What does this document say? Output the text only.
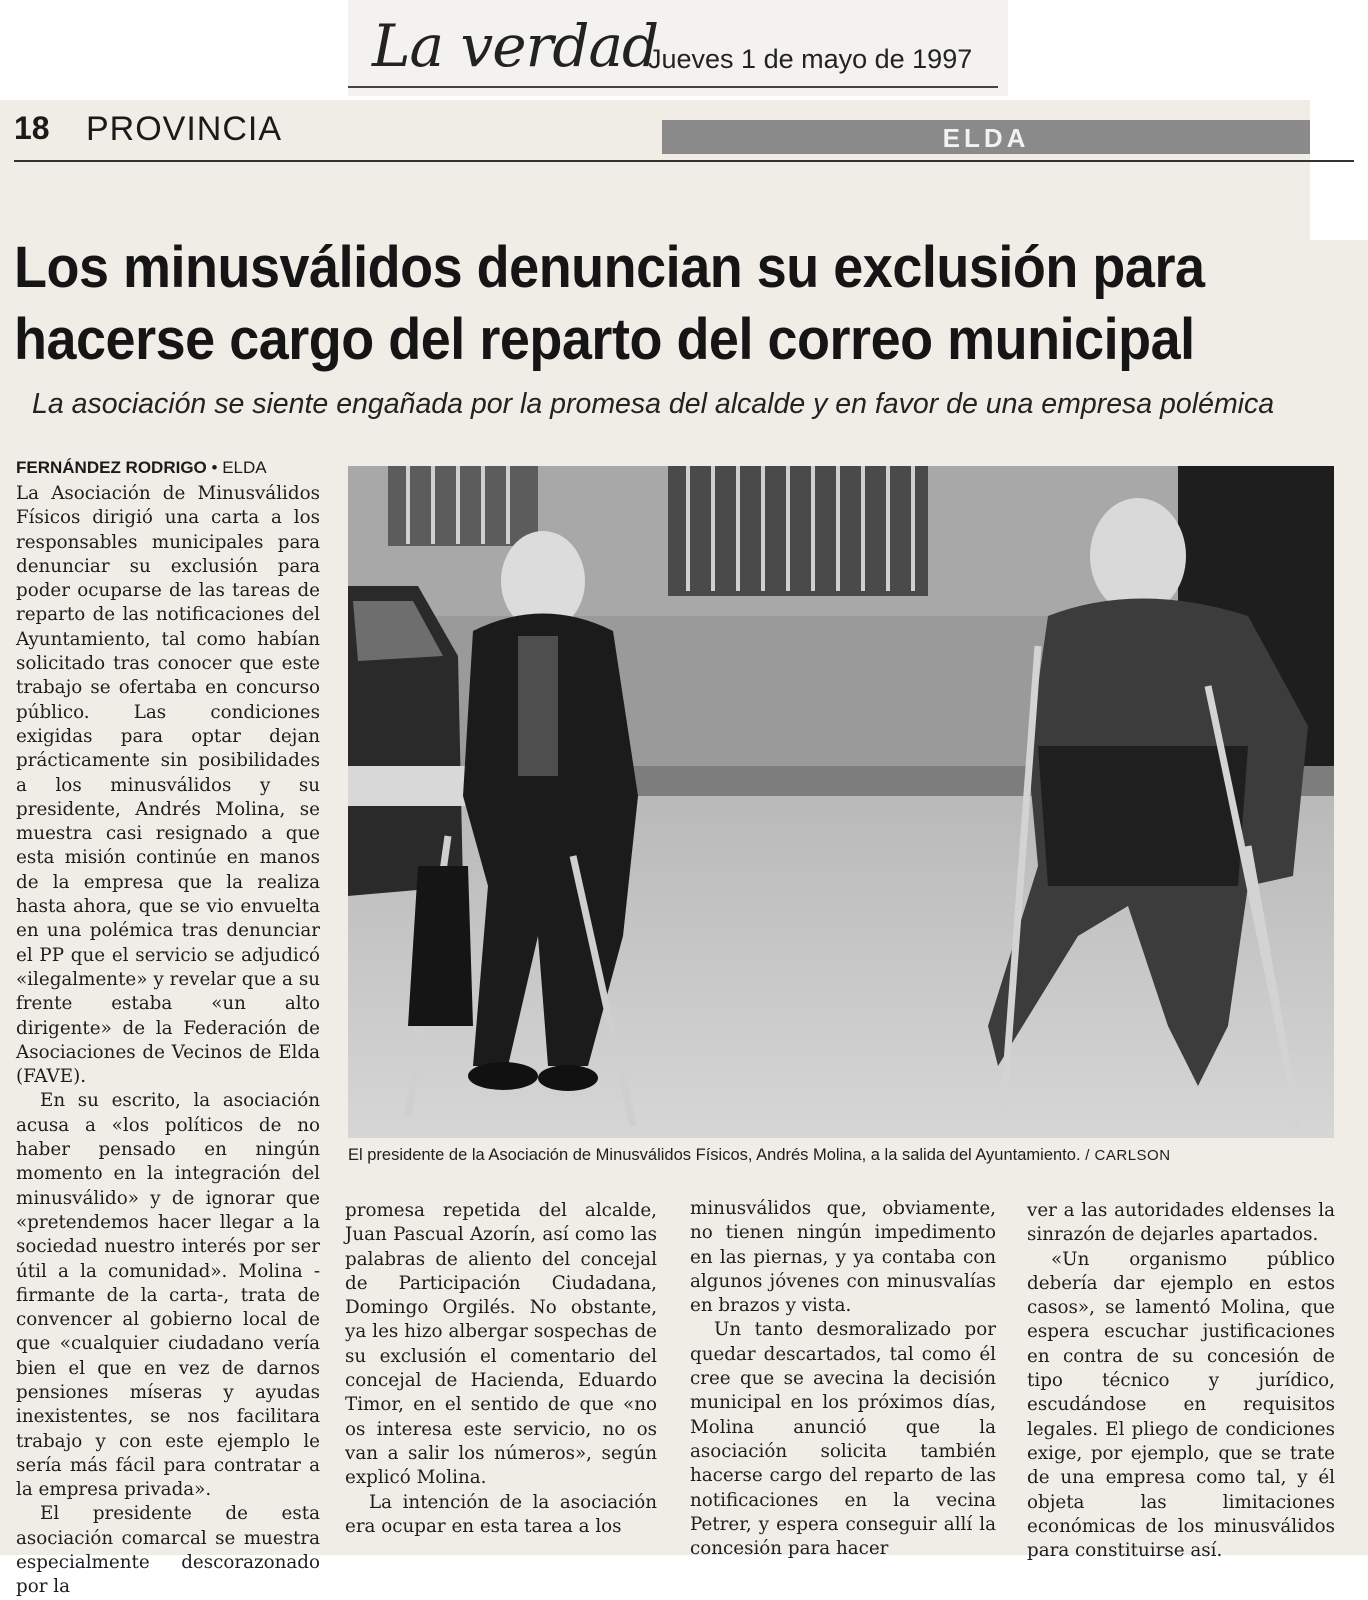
La verdad
Jueves 1 de mayo de 1997
18 PROVINCIA	ELDA
Los minusválidos denuncian su exclusión para
hacerse cargo del reparto del correo municipal
La asociación se siente engañada por la promesa del alcalde y en favor de una empresa polémica
FERNÁNDEZ RODRIGO • ELDA

La Asociación de Minusválidos Físicos dirigió una carta a los responsables municipales para denunciar su exclusión para poder ocuparse de las tareas de reparto de las notificaciones del Ayuntamiento, tal como habían solicitado tras conocer que este trabajo se ofertaba en concurso público. Las condiciones exigidas para optar dejan prácticamente sin posibilidades a los minusválidos y su presidente, Andrés Molina, se muestra casi resignado a que esta misión continúe en manos de la empresa que la realiza hasta ahora, que se vio envuelta en una polémica tras denunciar el PP que el servicio se adjudicó «ilegalmente» y revelar que a su frente estaba «un alto dirigente» de la Federación de Asociaciones de Vecinos de Elda (FAVE).

En su escrito, la asociación acusa a «los políticos de no haber pensado en ningún momento en la integración del minusválido» y de ignorar que «pretendemos hacer llegar a la sociedad nuestro interés por ser útil a la comunidad». Molina -firmante de la carta-, trata de convencer al gobierno local de que «cualquier ciudadano vería bien el que en vez de darnos pensiones míseras y ayudas inexistentes, se nos facilitara trabajo y con este ejemplo le sería más fácil para contratar a la empresa privada».

El presidente de esta asociación comarcal se muestra especialmente descorazonado por la

El presidente de la Asociación de Minusválidos Físicos, Andrés Molina, a la salida del Ayuntamiento. / CARLSON

promesa repetida del alcalde, Juan Pascual Azorín, así como las palabras de aliento del concejal de Participación Ciudadana, Domingo Orgilés. No obstante, ya les hizo albergar sospechas de su exclusión el comentario del concejal de Hacienda, Eduardo Timor, en el sentido de que «no os interesa este servicio, no os van a salir los números», según explicó Molina.

La intención de la asociación era ocupar en esta tarea a los

minusválidos que, obviamente, no tienen ningún impedimento en las piernas, y ya contaba con algunos jóvenes con minusvalías en brazos y vista.

Un tanto desmoralizado por quedar descartados, tal como él cree que se avecina la decisión municipal en los próximos días, Molina anunció que la asociación solicita también hacerse cargo del reparto de las notificaciones en la vecina Petrer, y espera conseguir allí la concesión para hacer

ver a las autoridades eldenses la sinrazón de dejarles apartados.

«Un organismo público debería dar ejemplo en estos casos», se lamentó Molina, que espera escuchar justificaciones en contra de su concesión de tipo técnico y jurídico, escudándose en requisitos legales. El pliego de condiciones exige, por ejemplo, que se trate de una empresa como tal, y él objeta las limitaciones económicas de los minusválidos para constituirse así.
